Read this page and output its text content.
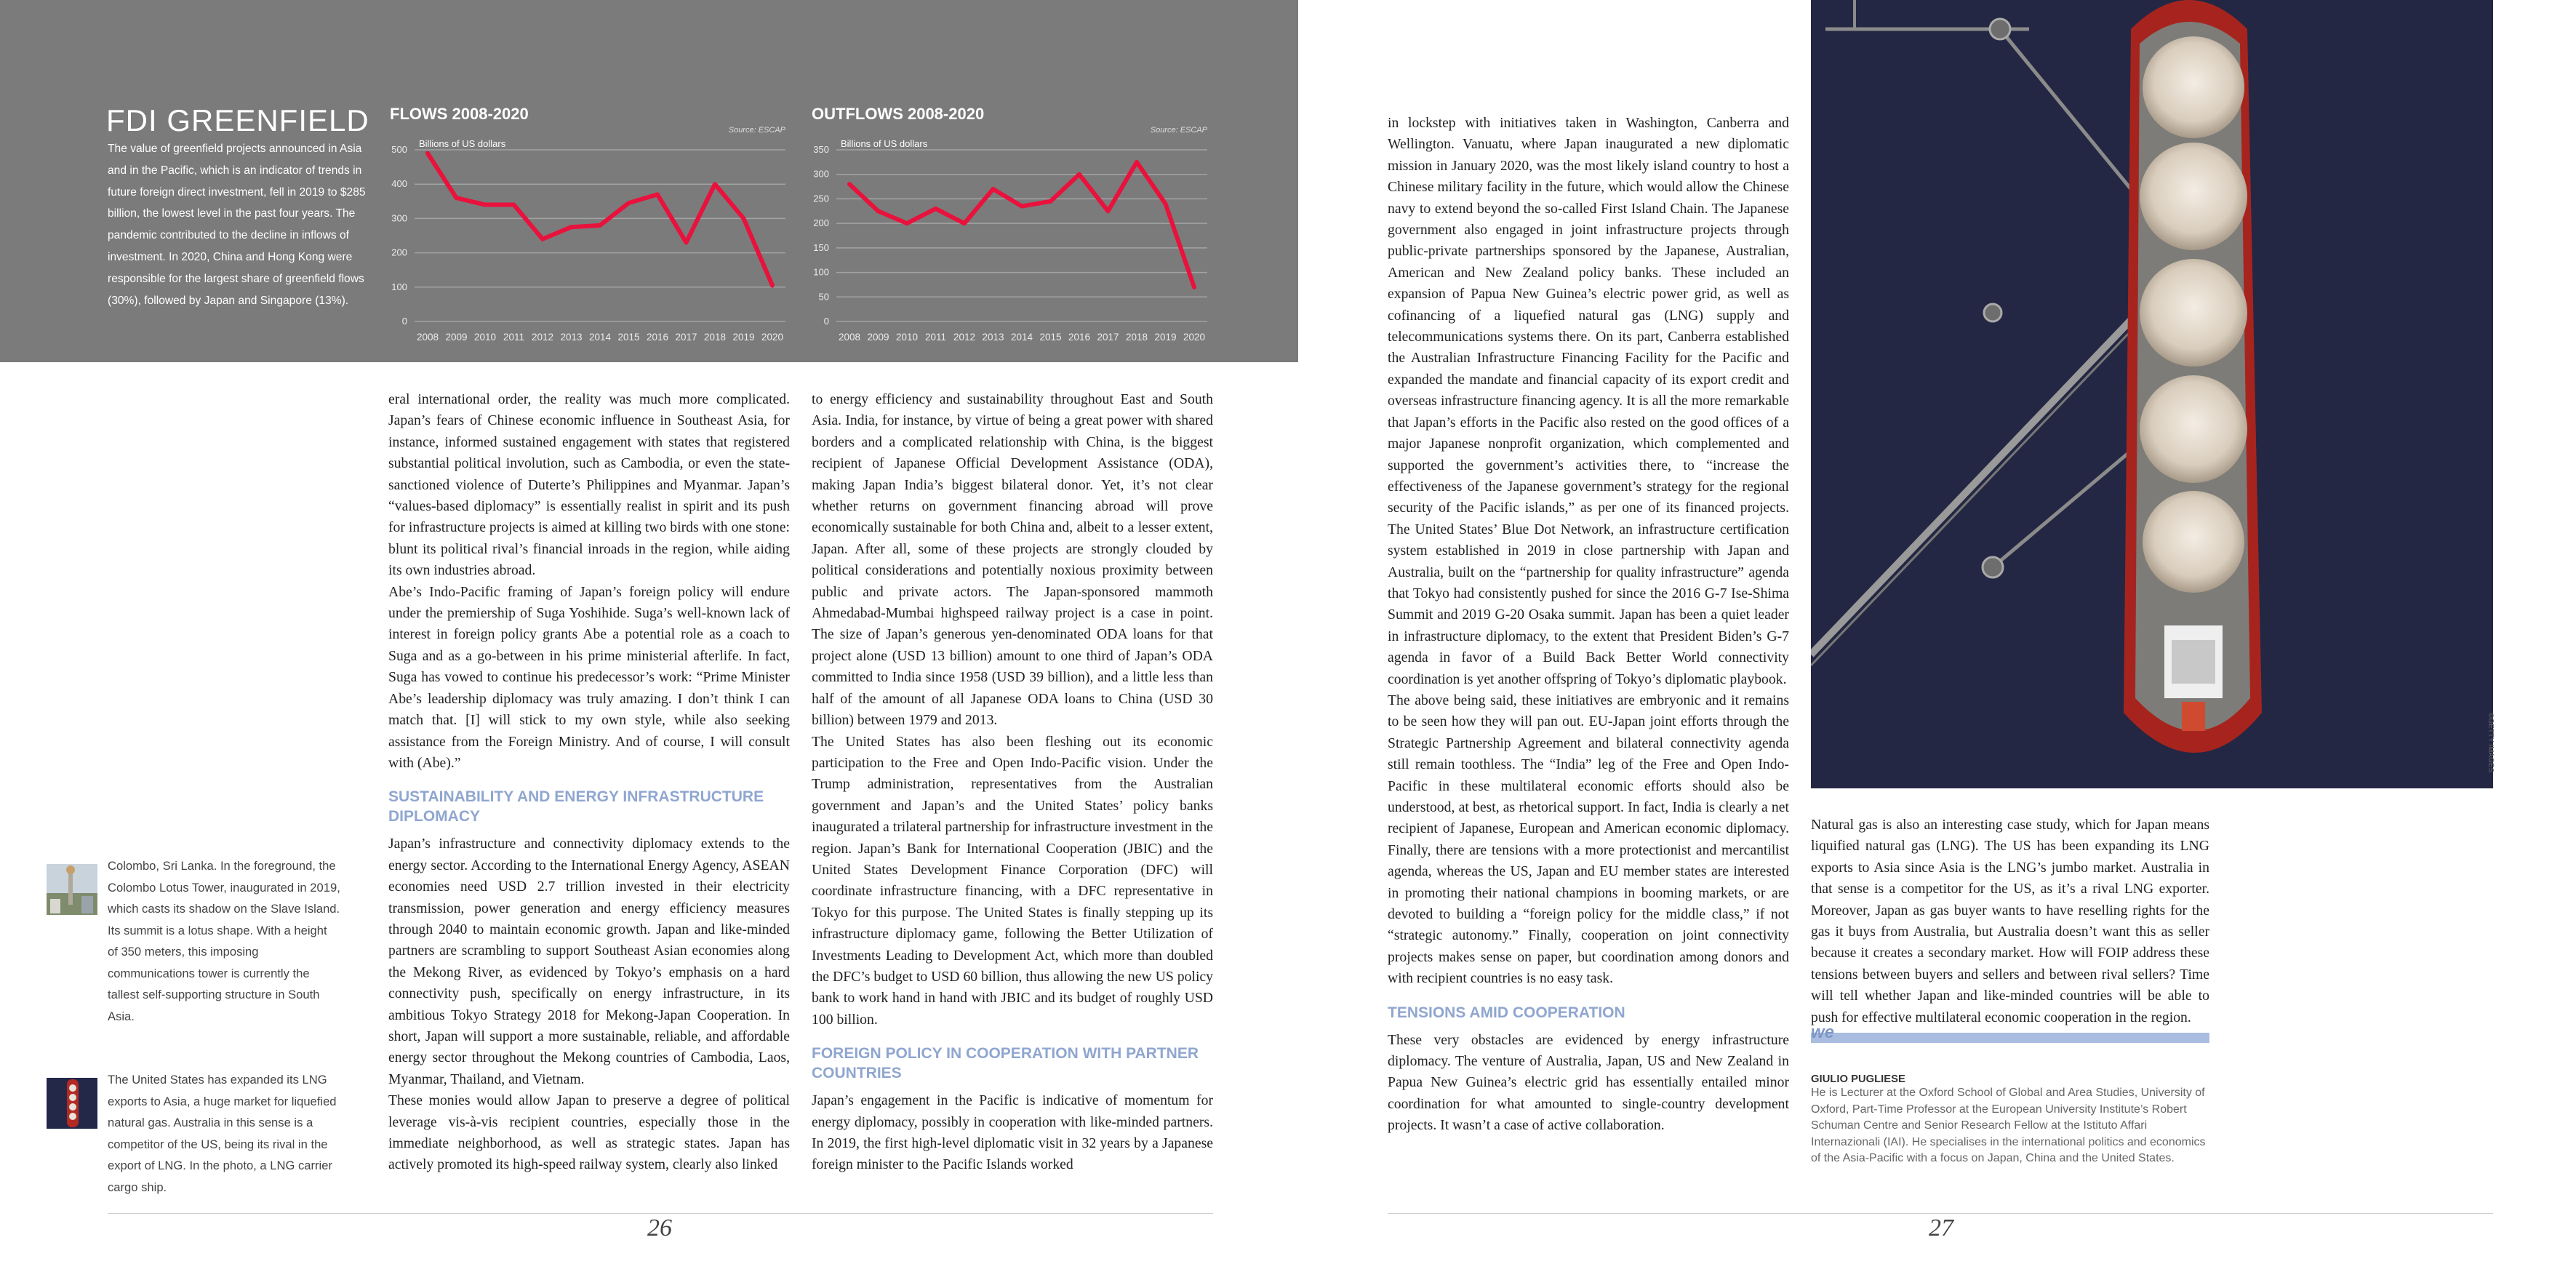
FDI GREENFIELD
The value of greenfield projects announced in Asia and in the Pacific, which is an indicator of trends in future foreign direct investment, fell in 2019 to $285 billion, the lowest level in the past four years. The pandemic contributed to the decline in inflows of investment. In 2020, China and Hong Kong were responsible for the largest share of greenfield flows (30%), followed by Japan and Singapore (13%).
FLOWS 2008-2020
Source: ESCAP
Billions of US dollars
0
100
200
300
400
500
2008 2009 2010 2011 2012 2013 2014 2015 2016 2017 2018 2019 2020
OUTFLOWS 2008-2020
Source: ESCAP
Billions of US dollars
0
50
100
150
200
250
300
350
2008 2009 2010 2011 2012 2013 2014 2015 2016 2017 2018 2019 2020

eral international order, the reality was much more complicated. Japan’s fears of Chinese economic influence in Southeast Asia, for instance, informed sustained engagement with states that registered substantial political involution, such as Cambodia, or even the state-sanctioned violence of Duterte’s Philippines and Myanmar. Japan’s “values-based diplomacy” is essentially realist in spirit and its push for infrastructure projects is aimed at killing two birds with one stone: blunt its political rival’s financial inroads in the region, while aiding its own industries abroad.

Abe’s Indo-Pacific framing of Japan’s foreign policy will endure under the premiership of Suga Yoshihide. Suga’s well-known lack of interest in foreign policy grants Abe a potential role as a coach to Suga and as a go-between in his prime ministerial afterlife. In fact, Suga has vowed to continue his predecessor’s work: “Prime Minister Abe’s leadership diplomacy was truly amazing. I don’t think I can match that. [I] will stick to my own style, while also seeking assistance from the Foreign Ministry. And of course, I will consult with (Abe).”

SUSTAINABILITY AND ENERGY INFRASTRUCTURE DIPLOMACY

Japan’s infrastructure and connectivity diplomacy extends to the energy sector. According to the International Energy Agency, ASEAN economies need USD 2.7 trillion invested in their electricity transmission, power generation and energy efficiency measures through 2040 to maintain economic growth. Japan and like-minded partners are scrambling to support Southeast Asian economies along the Mekong River, as evidenced by Tokyo’s emphasis on a hard connectivity push, specifically on energy infrastructure, in its ambitious Tokyo Strategy 2018 for Mekong-Japan Cooperation. In short, Japan will support a more sustainable, reliable, and affordable energy sector throughout the Mekong countries of Cambodia, Laos, Myanmar, Thailand, and Vietnam.

These monies would allow Japan to preserve a degree of political leverage vis-à-vis recipient countries, especially those in the immediate neighborhood, as well as strategic states. Japan has actively promoted its high-speed railway system, clearly also linked

to energy efficiency and sustainability throughout East and South Asia. India, for instance, by virtue of being a great power with shared borders and a complicated relationship with China, is the biggest recipient of Japanese Official Development Assistance (ODA), making Japan India’s biggest bilateral donor. Yet, it’s not clear whether returns on government financing abroad will prove economically sustainable for both China and, albeit to a lesser extent, Japan. After all, some of these projects are strongly clouded by political considerations and potentially noxious proximity between public and private actors. The Japan-sponsored mammoth Ahmedabad-Mumbai highspeed railway project is a case in point. The size of Japan’s generous yen-denominated ODA loans for that project alone (USD 13 billion) amount to one third of Japan’s ODA committed to India since 1958 (USD 39 billion), and a little less than half of the amount of all Japanese ODA loans to China (USD 30 billion) between 1979 and 2013.

The United States has also been fleshing out its economic participation to the Free and Open Indo-Pacific vision. Under the Trump administration, representatives from the Australian government and Japan’s and the United States’ policy banks inaugurated a trilateral partnership for infrastructure investment in the region. Japan’s Bank for International Cooperation (JBIC) and the United States Development Finance Corporation (DFC) will coordinate infrastructure financing, with a DFC representative in Tokyo for this purpose. The United States is finally stepping up its infrastructure diplomacy game, following the Better Utilization of Investments Leading to Development Act, which more than doubled the DFC’s budget to USD 60 billion, thus allowing the new US policy bank to work hand in hand with JBIC and its budget of roughly USD 100 billion.

FOREIGN POLICY IN COOPERATION WITH PARTNER COUNTRIES

Japan’s engagement in the Pacific is indicative of momentum for energy diplomacy, possibly in cooperation with like-minded partners. In 2019, the first high-level diplomatic visit in 32 years by a Japanese foreign minister to the Pacific Islands worked

Colombo, Sri Lanka. In the foreground, the Colombo Lotus Tower, inaugurated in 2019, which casts its shadow on the Slave Island. Its summit is a lotus shape. With a height of 350 meters, this imposing communications tower is currently the tallest self-supporting structure in South Asia.
The United States has expanded its LNG exports to Asia, a huge market for liquefied natural gas. Australia in this sense is a competitor of the US, being its rival in the export of LNG. In the photo, a LNG carrier cargo ship.
26

in lockstep with initiatives taken in Washington, Canberra and Wellington. Vanuatu, where Japan inaugurated a new diplomatic mission in January 2020, was the most likely island country to host a Chinese military facility in the future, which would allow the Chinese navy to extend beyond the so-called First Island Chain. The Japanese government also engaged in joint infrastructure projects through public-private partnerships sponsored by the Japanese, Australian, American and New Zealand policy banks. These included an expansion of Papua New Guinea’s electric power grid, as well as cofinancing of a liquefied natural gas (LNG) supply and telecommunications systems there. On its part, Canberra established the Australian Infrastructure Financing Facility for the Pacific and expanded the mandate and financial capacity of its export credit and overseas infrastructure financing agency. It is all the more remarkable that Japan’s efforts in the Pacific also rested on the good offices of a major Japanese nonprofit organization, which complemented and supported the government’s activities there, to “increase the effectiveness of the Japanese government’s strategy for the regional security of the Pacific islands,” as per one of its financed projects. The United States’ Blue Dot Network, an infrastructure certification system established in 2019 in close partnership with Japan and Australia, built on the “partnership for quality infrastructure” agenda that Tokyo had consistently pushed for since the 2016 G-7 Ise-Shima Summit and 2019 G-20 Osaka summit. Japan has been a quiet leader in infrastructure diplomacy, to the extent that President Biden’s G-7 agenda in favor of a Build Back Better World connectivity coordination is yet another offspring of Tokyo’s diplomatic playbook.

The above being said, these initiatives are embryonic and it remains to be seen how they will pan out. EU-Japan joint efforts through the Strategic Partnership Agreement and bilateral connectivity agenda still remain toothless. The “India” leg of the Free and Open Indo-Pacific in these multilateral economic efforts should also be understood, at best, as rhetorical support. In fact, India is clearly a net recipient of Japanese, European and American economic diplomacy. Finally, there are tensions with a more protectionist and mercantilist agenda, whereas the US, Japan and EU member states are interested in promoting their national champions in booming markets, or are devoted to building a “foreign policy for the middle class,” if not “strategic autonomy.” Finally, cooperation on joint connectivity projects makes sense on paper, but coordination among donors and with recipient countries is no easy task.

TENSIONS AMID COOPERATION

These very obstacles are evidenced by energy infrastructure diplomacy. The venture of Australia, Japan, US and New Zealand in Papua New Guinea’s electric grid has essentially entailed minor coordination for what amounted to single-country development projects. It wasn’t a case of active collaboration.

©GETTY IMAGES

Natural gas is also an interesting case study, which for Japan means liquified natural gas (LNG). The US has been expanding its LNG exports to Asia since Asia is the LNG’s jumbo market. Australia in that sense is a competitor for the US, as it’s a rival LNG exporter. Moreover, Japan as gas buyer wants to have reselling rights for the gas it buys from Australia, but Australia doesn’t want this as seller because it creates a secondary market. How will FOIP address these tensions between buyers and sellers and between rival sellers? Time will tell whether Japan and like-minded countries will be able to push for effective multilateral economic cooperation in the region.

we
GIULIO PUGLIESE
He is Lecturer at the Oxford School of Global and Area Studies, University of Oxford, Part-Time Professor at the European University Institute’s Robert Schuman Centre and Senior Research Fellow at the Istituto Affari Internazionali (IAI). He specialises in the international politics and economics of the Asia-Pacific with a focus on Japan, China and the United States.
27
